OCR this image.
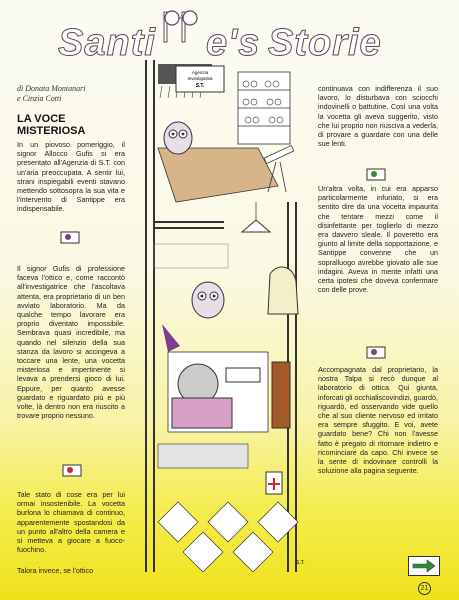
Santi e's Storie
di Donata Montanari
e Cinzia Cotti
LA VOCE
MISTERIOSA
In un piovoso pomeriggio, il signor Allocco Gufis si era presentato all'Agenzia di S.T. con un'aria preoccupata. A sentir lui, strani inspiegabili eventi stavano mettendo sottosopra la sua vita e l'intervento di Santippe era indispensabile.
Il signor Gufis di professione faceva l'ottico e, come raccontò all'investigatrice che l'ascoltava attenta, era proprietario di un ben avviato laboratorio. Ma da qualche tempo lavorare era proprio diventato impossibile. Sembrava quasi incredibile, ma quando nel silenzio della sua stanza da lavoro si accingeva a toccare una lente, una vocetta misteriosa e impertinente si levava a prendersi gioco di lui. Eppure, per quanto avesse guardato e riguardato più e più volte, là dentro non era riuscito a trovare proprio nessuno.
Tale stato di cose era per lui ormai insostenibile. La vocetta burlona lo chiamava di continuo, apparentemente spostandosi da un punto all'altro della camera e si metteva a giocare a fuoco-fuochino.
Talora invece, se l'ottico
continuava con indifferenza il suo lavoro, lo disturbava con sciocchi indovinelli o battutine. Così una volta la vocetta gli aveva suggerito, visto che lui proprio non riusciva a vederla, di provare a guardare con una delle sue lenti.
Un'altra volta, in cui era apparso particolarmente infuriato, si era sentito dire da una vocetta impaurita che tentare mezzi come il disinfettante per toglierlo di mezzo era davvero sleale. Il poveretto era giunto al limite della sopportazione, e Santippe convenne che un sopralluogo avrebbe giovato alle sue indagini. Aveva in mente infatti una certa ipotesi che doveva confermare con delle prove.
Accompagnata dal proprietario, la nostra Talpa si recò dunque al laboratorio di ottica. Qui giunta, inforcati gli occhialiscovindizi, guardò, riguardò, ed osservando vide quello che al suo cliente nervoso ed irritato era sempre sfuggito. E voi, avete guardato bene? Chi non l'avesse fatto è pregato di ritornare indietro e ricominciare da capo. Chi invece se la sente di indovinare controlli la soluzione alla pagina seguente.
21
Agenzia
Investigativa
S.T.
S.T.
